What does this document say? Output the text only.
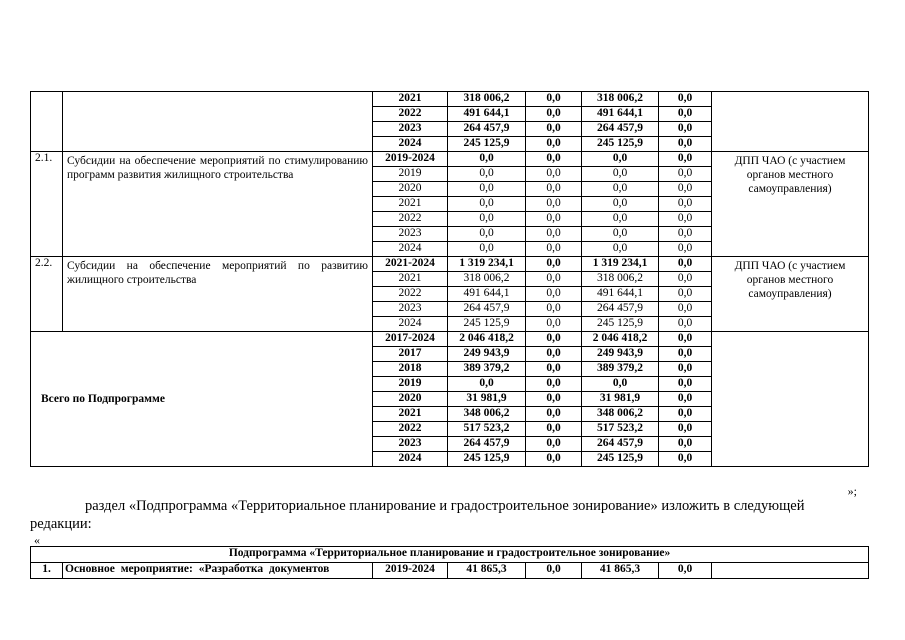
		2021	318 006,2	0,0	318 006,2	0,0	
		2022	491 644,1	0,0	491 644,1	0,0	
		2023	264 457,9	0,0	264 457,9	0,0	
		2024	245 125,9	0,0	245 125,9	0,0	
2.1.	Субсидии на обеспечение мероприятий по стимулированию программ развития жилищного строительства	2019-2024	0,0	0,0	0,0	0,0	ДПП ЧАО (с участием органов местного самоуправления)
		2019	0,0	0,0	0,0	0,0	
		2020	0,0	0,0	0,0	0,0	
		2021	0,0	0,0	0,0	0,0	
		2022	0,0	0,0	0,0	0,0	
		2023	0,0	0,0	0,0	0,0	
		2024	0,0	0,0	0,0	0,0	
2.2.	Субсидии на обеспечение мероприятий по развитию жилищного строительства	2021-2024	1 319 234,1	0,0	1 319 234,1	0,0	ДПП ЧАО (с участием органов местного самоуправления)
		2021	318 006,2	0,0	318 006,2	0,0	
		2022	491 644,1	0,0	491 644,1	0,0	
		2023	264 457,9	0,0	264 457,9	0,0	
		2024	245 125,9	0,0	245 125,9	0,0	
Всего по Подпрограмме		2017-2024	2 046 418,2	0,0	2 046 418,2	0,0	
		2017	249 943,9	0,0	249 943,9	0,0	
		2018	389 379,2	0,0	389 379,2	0,0	
		2019	0,0	0,0	0,0	0,0	
		2020	31 981,9	0,0	31 981,9	0,0	
		2021	348 006,2	0,0	348 006,2	0,0	
		2022	517 523,2	0,0	517 523,2	0,0	
		2023	264 457,9	0,0	264 457,9	0,0	
		2024	245 125,9	0,0	245 125,9	0,0	
»;
раздел «Подпрограмма «Территориальное планирование и градостроительное зонирование» изложить в следующей
редакции:
«
Подпрограмма «Территориальное планирование и градостроительное зонирование»
1.	Основное мероприятие: «Разработка документов	2019-2024	41 865,3	0,0	41 865,3	0,0	
